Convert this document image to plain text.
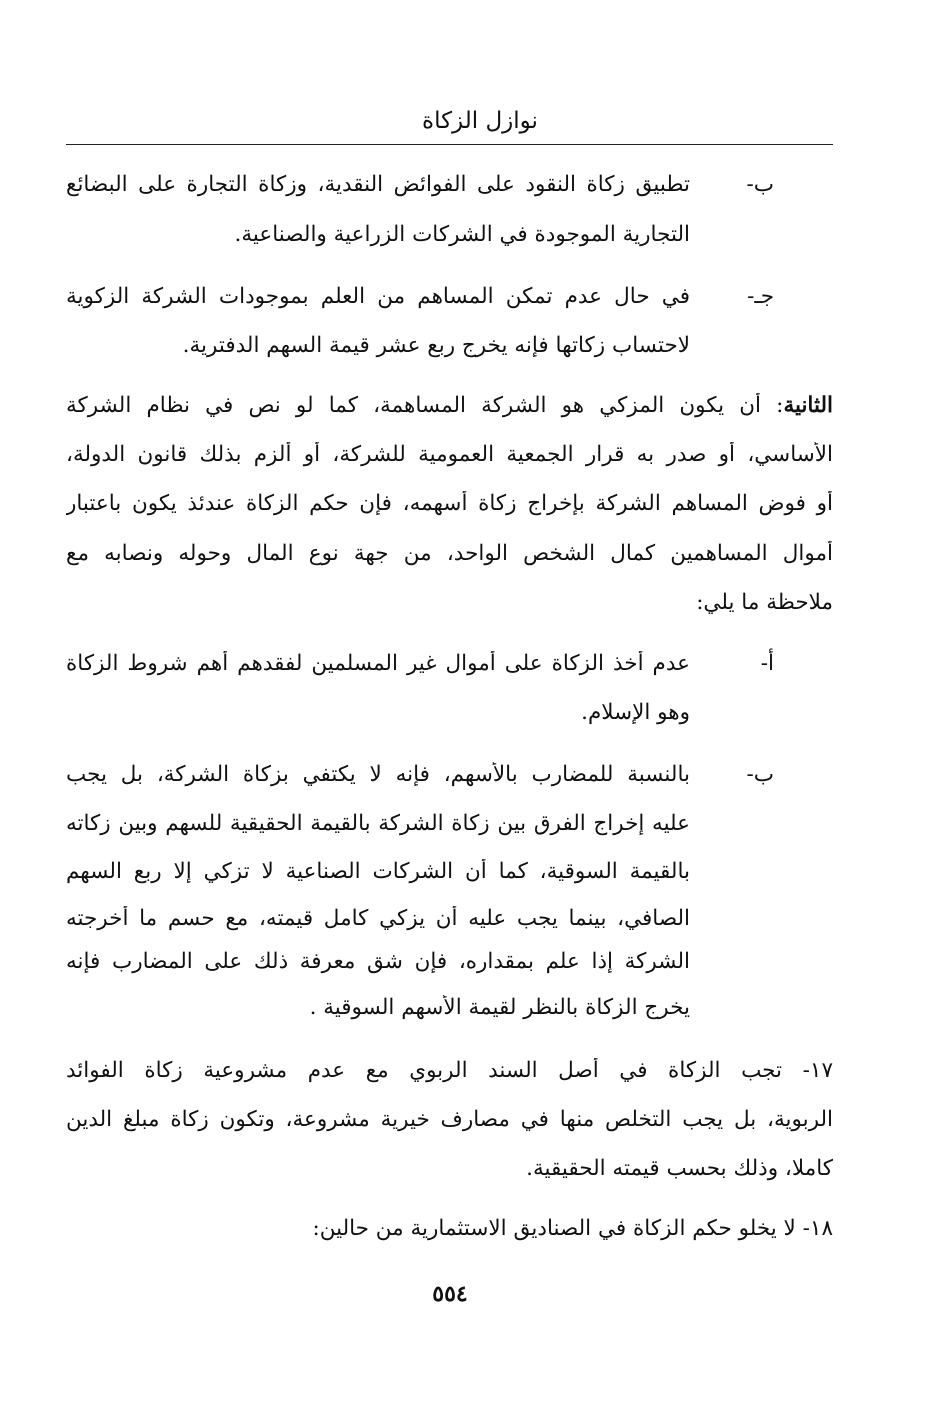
نوازل الزكاة
ب-
تطبيق زكاة النقود على الفوائض النقدية، وزكاة التجارة على البضائع
التجارية الموجودة في الشركات الزراعية والصناعية.
جـ-
في حال عدم تمكن المساهم من العلم بموجودات الشركة الزكوية
لاحتساب زكاتها فإنه يخرج ربع عشر قيمة السهم الدفترية.
الثانية: أن يكون المزكي هو الشركة المساهمة، كما لو نص في نظام الشركة
الأساسي، أو صدر به قرار الجمعية العمومية للشركة، أو ألزم بذلك قانون الدولة،
أو فوض المساهم الشركة بإخراج زكاة أسهمه، فإن حكم الزكاة عندئذ يكون باعتبار
أموال المساهمين كمال الشخص الواحد، من جهة نوع المال وحوله ونصابه مع
ملاحظة ما يلي:
أ-
عدم أخذ الزكاة على أموال غير المسلمين لفقدهم أهم شروط الزكاة
وهو الإسلام.
ب-
بالنسبة للمضارب بالأسهم، فإنه لا يكتفي بزكاة الشركة، بل يجب
عليه إخراج الفرق بين زكاة الشركة بالقيمة الحقيقية للسهم وبين زكاته
بالقيمة السوقية، كما أن الشركات الصناعية لا تزكي إلا ربع السهم
الصافي، بينما يجب عليه أن يزكي كامل قيمته، مع حسم ما أخرجته
الشركة إذا علم بمقداره، فإن شق معرفة ذلك على المضارب فإنه
يخرج الزكاة بالنظر لقيمة الأسهم السوقية .
١٧- تجب الزكاة في أصل السند الربوي مع عدم مشروعية زكاة الفوائد
الربوية، بل يجب التخلص منها في مصارف خيرية مشروعة، وتكون زكاة مبلغ الدين
كاملا، وذلك بحسب قيمته الحقيقية.
١٨- لا يخلو حكم الزكاة في الصناديق الاستثمارية من حالين:
٥٥٤
